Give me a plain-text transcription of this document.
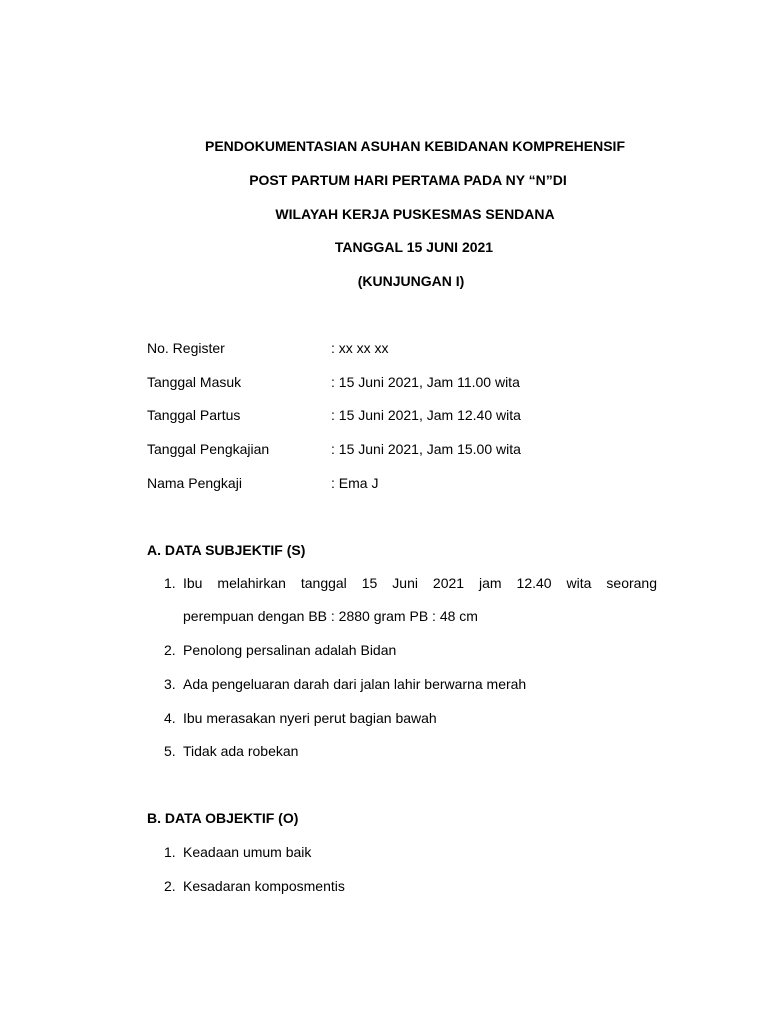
PENDOKUMENTASIAN ASUHAN KEBIDANAN KOMPREHENSIF

POST PARTUM HARI PERTAMA PADA NY “N”DI

WILAYAH KERJA PUSKESMAS SENDANA

TANGGAL 15 JUNI 2021

(KUNJUNGAN I)

No. Register	: xx xx xx
Tanggal Masuk	: 15 Juni 2021, Jam 11.00 wita
Tanggal Partus	: 15 Juni 2021, Jam 12.40 wita
Tanggal Pengkajian	: 15 Juni 2021, Jam 15.00 wita
Nama Pengkaji	: Ema J

A. DATA SUBJEKTIF (S)

1. Ibu melahirkan tanggal 15 Juni 2021 jam 12.40 wita seorang
perempuan dengan BB : 2880 gram PB : 48 cm
2. Penolong persalinan adalah Bidan
3. Ada pengeluaran darah dari jalan lahir berwarna merah
4. Ibu merasakan nyeri perut bagian bawah
5. Tidak ada robekan

B. DATA OBJEKTIF (O)

1. Keadaan umum baik
2. Kesadaran komposmentis
